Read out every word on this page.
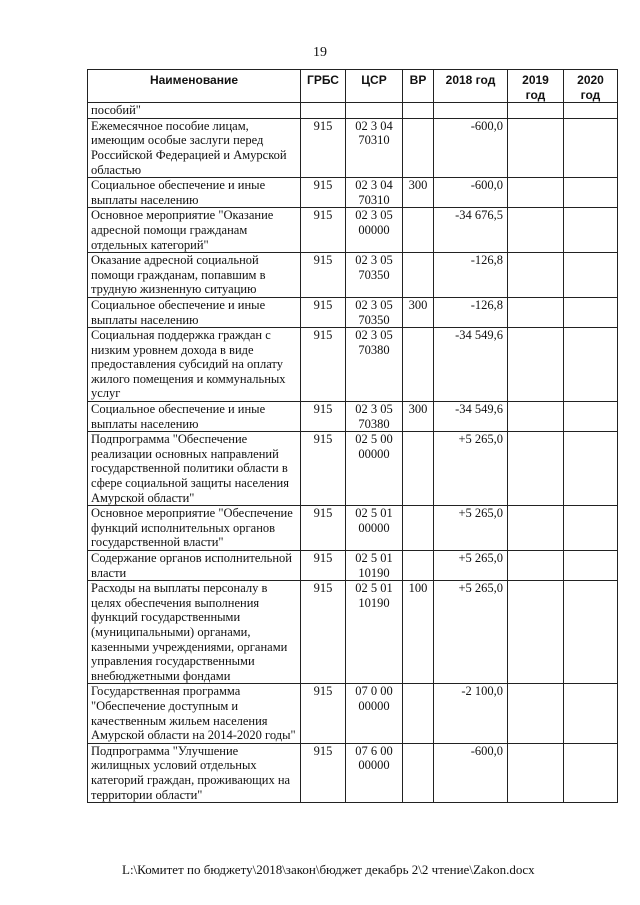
19
Наименование	ГРБС	ЦСР	ВР	2018 год	2019 год	2020 год
пособий"						
Ежемесячное пособие лицам, имеющим особые заслуги перед Российской Федерацией и Амурской областью	915	02 3 04 70310		-600,0		
Социальное обеспечение и иные выплаты населению	915	02 3 04 70310	300	-600,0		
Основное мероприятие "Оказание адресной помощи гражданам отдельных категорий"	915	02 3 05 00000		-34 676,5		
Оказание адресной социальной помощи гражданам, попавшим в трудную жизненную ситуацию	915	02 3 05 70350		-126,8		
Социальное обеспечение и иные выплаты населению	915	02 3 05 70350	300	-126,8		
Социальная поддержка граждан с низким уровнем дохода в виде предоставления субсидий на оплату жилого помещения и коммунальных услуг	915	02 3 05 70380		-34 549,6		
Социальное обеспечение и иные выплаты населению	915	02 3 05 70380	300	-34 549,6		
Подпрограмма "Обеспечение реализации основных направлений государственной политики области в сфере социальной защиты населения Амурской области"	915	02 5 00 00000		+5 265,0		
Основное мероприятие "Обеспечение функций исполнительных органов государственной власти"	915	02 5 01 00000		+5 265,0		
Содержание органов исполнительной власти	915	02 5 01 10190		+5 265,0		
Расходы на выплаты персоналу в целях обеспечения выполнения функций государственными (муниципальными) органами, казенными учреждениями, органами управления государственными внебюджетными фондами	915	02 5 01 10190	100	+5 265,0		
Государственная программа "Обеспечение доступным и качественным жильем населения Амурской области на 2014-2020 годы"	915	07 0 00 00000		-2 100,0		
Подпрограмма "Улучшение жилищных условий отдельных категорий граждан, проживающих на территории области"	915	07 6 00 00000		-600,0		
L:\Комитет по бюджету\2018\закон\бюджет декабрь 2\2 чтение\Zakon.docx
